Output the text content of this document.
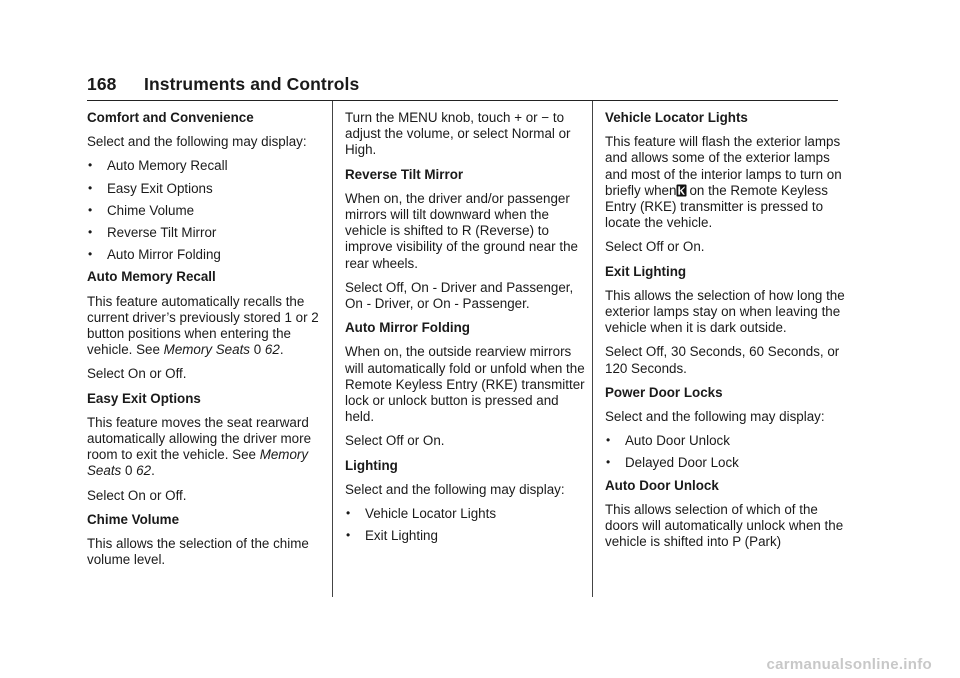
168 Instruments and Controls
Comfort and Convenience
Select and the following may display:
• Auto Memory Recall
• Easy Exit Options
• Chime Volume
• Reverse Tilt Mirror
• Auto Mirror Folding
Auto Memory Recall
This feature automatically recalls the current driver’s previously stored 1 or 2 button positions when entering the vehicle. See Memory Seats 0 62.
Select On or Off.
Easy Exit Options
This feature moves the seat rearward automatically allowing the driver more room to exit the vehicle. See Memory Seats 0 62.
Select On or Off.
Chime Volume
This allows the selection of the chime volume level.
Turn the MENU knob, touch + or − to adjust the volume, or select Normal or High.
Reverse Tilt Mirror
When on, the driver and/or passenger mirrors will tilt downward when the vehicle is shifted to R (Reverse) to improve visibility of the ground near the rear wheels.
Select Off, On - Driver and Passenger, On - Driver, or On - Passenger.
Auto Mirror Folding
When on, the outside rearview mirrors will automatically fold or unfold when the Remote Keyless Entry (RKE) transmitter lock or unlock button is pressed and held.
Select Off or On.
Lighting
Select and the following may display:
• Vehicle Locator Lights
• Exit Lighting
Vehicle Locator Lights
This feature will flash the exterior lamps and allows some of the exterior lamps and most of the interior lamps to turn on briefly when on the Remote Keyless Entry (RKE) transmitter is pressed to locate the vehicle.
Select Off or On.
Exit Lighting
This allows the selection of how long the exterior lamps stay on when leaving the vehicle when it is dark outside.
Select Off, 30 Seconds, 60 Seconds, or 120 Seconds.
Power Door Locks
Select and the following may display:
• Auto Door Unlock
• Delayed Door Lock
Auto Door Unlock
This allows selection of which of the doors will automatically unlock when the vehicle is shifted into P (Park)
carmanualsonline.info
